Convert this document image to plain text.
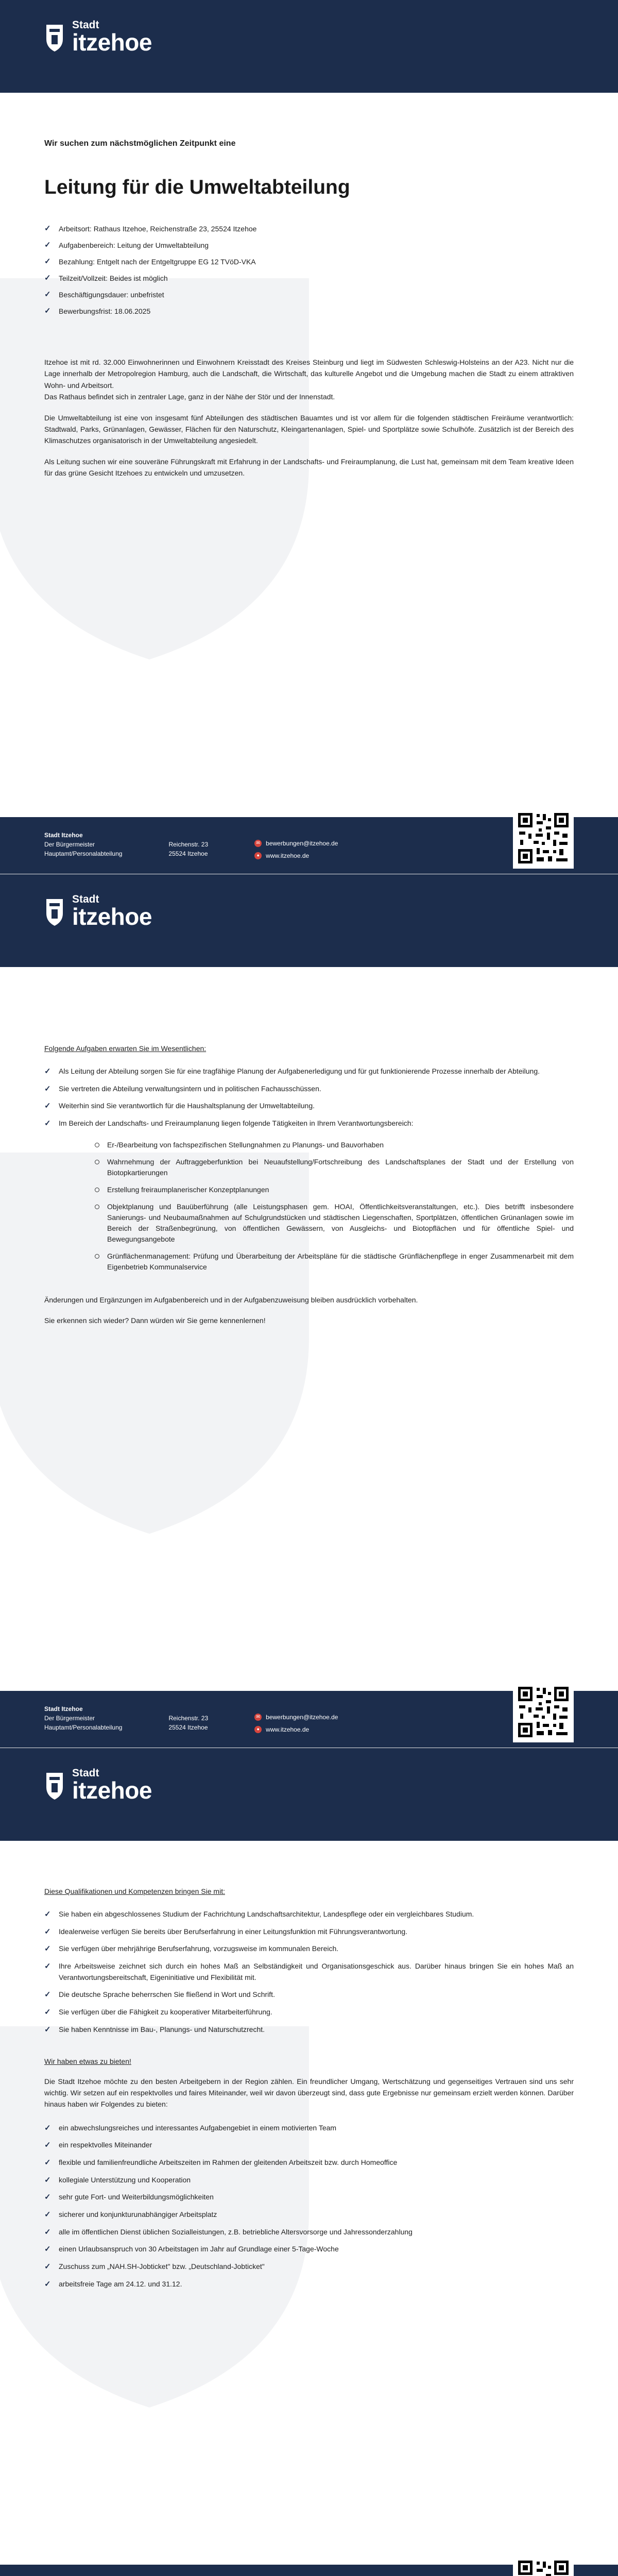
Stadt
itzehoe
Wir suchen zum nächstmöglichen Zeitpunkt eine
Leitung für die Umweltabteilung
✓ Arbeitsort: Rathaus Itzehoe, Reichenstraße 23, 25524 Itzehoe
✓ Aufgabenbereich: Leitung der Umweltabteilung
✓ Bezahlung: Entgelt nach der Entgeltgruppe EG 12 TVöD-VKA
✓ Teilzeit/Vollzeit: Beides ist möglich
✓ Beschäftigungsdauer: unbefristet
✓ Bewerbungsfrist: 18.06.2025

Itzehoe ist mit rd. 32.000 Einwohnerinnen und Einwohnern Kreisstadt des Kreises Steinburg und liegt im Südwesten Schleswig-Holsteins an der A23. Nicht nur die Lage innerhalb der Metropolregion Hamburg, auch die Landschaft, die Wirtschaft, das kulturelle Angebot und die Umgebung machen die Stadt zu einem attraktiven Wohn- und Arbeitsort.

Das Rathaus befindet sich in zentraler Lage, ganz in der Nähe der Stör und der Innenstadt.

Die Umweltabteilung ist eine von insgesamt fünf Abteilungen des städtischen Bauamtes und ist vor allem für die folgenden städtischen Freiräume verantwortlich: Stadtwald, Parks, Grünanlagen, Gewässer, Flächen für den Naturschutz, Kleingartenanlagen, Spiel- und Sportplätze sowie Schulhöfe. Zusätzlich ist der Bereich des Klimaschutzes organisatorisch in der Umweltabteilung angesiedelt.

Als Leitung suchen wir eine souveräne Führungskraft mit Erfahrung in der Landschafts- und Freiraumplanung, die Lust hat, gemeinsam mit dem Team kreative Ideen für das grüne Gesicht Itzehoes zu entwickeln und umzusetzen.

Stadt Itzehoe
Der Bürgermeister
Hauptamt/Personalabteilung

Reichenstr. 23
25524 Itzehoe
✉ bewerbungen@itzehoe.de
●	www.itzehoe.de
Stadt
itzehoe
Folgende Aufgaben erwarten Sie im Wesentlichen:
✓ Als Leitung der Abteilung sorgen Sie für eine tragfähige Planung der Aufgabenerledigung und für gut funktionierende Prozesse innerhalb der Abteilung.
✓ Sie vertreten die Abteilung verwaltungsintern und in politischen Fachausschüssen.
✓ Weiterhin sind Sie verantwortlich für die Haushaltsplanung der Umweltabteilung.
✓ Im Bereich der Landschafts- und Freiraumplanung liegen folgende Tätigkeiten in Ihrem Verantwortungsbereich:
Er-/Bearbeitung von fachspezifischen Stellungnahmen zu Planungs- und Bauvorhaben
Wahrnehmung der Auftraggeberfunktion bei Neuaufstellung/Fortschreibung des Landschaftsplanes der Stadt und der Erstellung von Biotopkartierungen
Erstellung freiraumplanerischer Konzeptplanungen
Objektplanung und Bauüberführung (alle Leistungsphasen gem. HOAI, Öffentlichkeitsveranstaltungen, etc.). Dies betrifft insbesondere Sanierungs- und Neubaumaßnahmen auf Schulgrundstücken und städtischen Liegenschaften, Sportplätzen, öffentlichen Grünanlagen sowie im Bereich der Straßenbegrünung, von öffentlichen Gewässern, von Ausgleichs- und Biotopflächen und für öffentliche Spiel- und Bewegungsangebote
Grünflächenmanagement: Prüfung und Überarbeitung der Arbeitspläne für die städtische Grünflächenpflege in enger Zusammenarbeit mit dem Eigenbetrieb Kommunalservice

Änderungen und Ergänzungen im Aufgabenbereich und in der Aufgabenzuweisung bleiben ausdrücklich vorbehalten.

Sie erkennen sich wieder? Dann würden wir Sie gerne kennenlernen!

Stadt Itzehoe
Der Bürgermeister
Hauptamt/Personalabteilung

Reichenstr. 23
25524 Itzehoe
✉ bewerbungen@itzehoe.de
●	www.itzehoe.de
Stadt
itzehoe
Diese Qualifikationen und Kompetenzen bringen Sie mit:
✓ Sie haben ein abgeschlossenes Studium der Fachrichtung Landschaftsarchitektur, Landespflege oder ein vergleichbares Studium.
✓ Idealerweise verfügen Sie bereits über Berufserfahrung in einer Leitungsfunktion mit Führungsverantwortung.
✓ Sie verfügen über mehrjährige Berufserfahrung, vorzugsweise im kommunalen Bereich.
✓ Ihre Arbeitsweise zeichnet sich durch ein hohes Maß an Selbständigkeit und Organisationsgeschick aus. Darüber hinaus bringen Sie ein hohes Maß an Verantwortungsbereitschaft, Eigeninitiative und Flexibilität mit.
✓ Die deutsche Sprache beherrschen Sie fließend in Wort und Schrift.
✓ Sie verfügen über die Fähigkeit zu kooperativer Mitarbeiterführung.
✓ Sie haben Kenntnisse im Bau-, Planungs- und Naturschutzrecht.
Wir haben etwas zu bieten!

Die Stadt Itzehoe möchte zu den besten Arbeitgebern in der Region zählen. Ein freundlicher Umgang, Wertschätzung und gegenseitiges Vertrauen sind uns sehr wichtig. Wir setzen auf ein respektvolles und faires Miteinander, weil wir davon überzeugt sind, dass gute Ergebnisse nur gemeinsam erzielt werden können. Darüber hinaus haben wir Folgendes zu bieten:

✓ ein abwechslungsreiches und interessantes Aufgabengebiet in einem motivierten Team
✓ ein respektvolles Miteinander
✓ flexible und familienfreundliche Arbeitszeiten im Rahmen der gleitenden Arbeitszeit bzw. durch Homeoffice
✓ kollegiale Unterstützung und Kooperation
✓ sehr gute Fort- und Weiterbildungsmöglichkeiten
✓ sicherer und konjunkturunabhängiger Arbeitsplatz
✓ alle im öffentlichen Dienst üblichen Sozialleistungen, z.B. betriebliche Altersvorsorge und Jahressonderzahlung
✓ einen Urlaubsanspruch von 30 Arbeitstagen im Jahr auf Grundlage einer 5-Tage-Woche
✓ Zuschuss zum „NAH.SH-Jobticket" bzw. „Deutschland-Jobticket"
✓ arbeitsfreie Tage am 24.12. und 31.12.
